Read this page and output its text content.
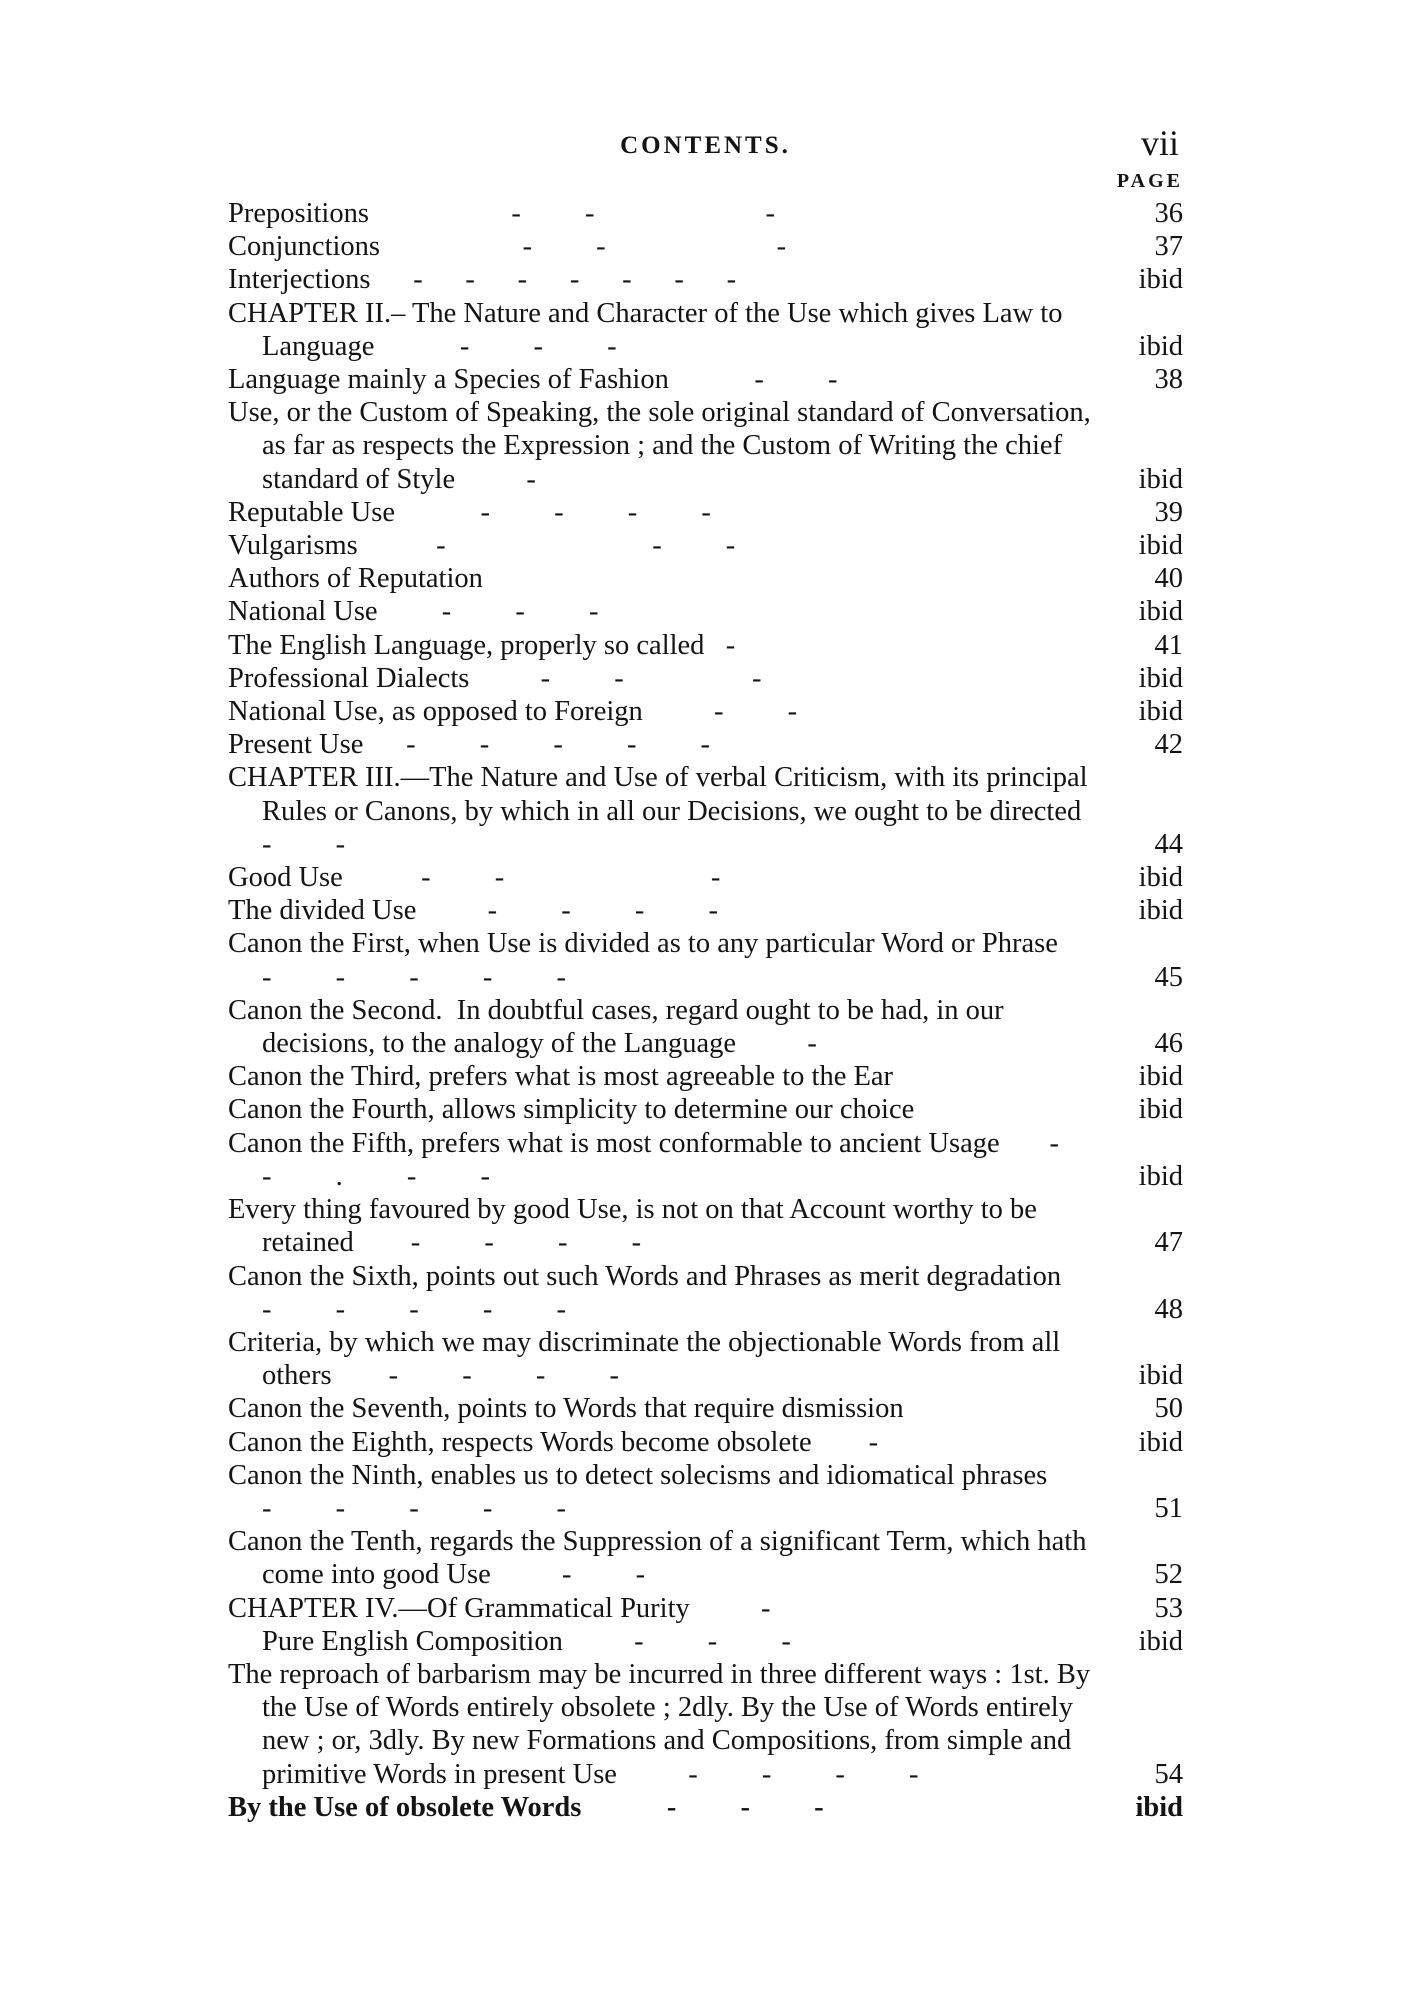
CONTENTS.	vii
PAGE
Prepositions                    -         -                        -	36
Conjunctions                    -         -                        -	37
Interjections      -      -      -      -      -      -      -	ibid
CHAPTER II.– The Nature and Character of the Use which gives Law to Language            -         -         -	ibid
Language mainly a Species of Fashion            -         -	38
Use, or the Custom of Speaking, the sole original standard of Conversation, as far as respects the Expression ; and the Custom of Writing the chief standard of Style          -	ibid
Reputable Use            -         -         -         -	39
Vulgarisms           -                             -         -	ibid
Authors of Reputation	40
National Use         -         -         -	ibid
The English Language, properly so called   -	41
Professional Dialects          -         -                  -	ibid
National Use, as opposed to Foreign          -         -	ibid
Present Use      -         -         -         -         -	42
CHAPTER III.—The Nature and Use of verbal Criticism, with its principal Rules or Canons, by which in all our Decisions, we ought to be directed             -         -	44
Good Use           -         -                             -	ibid
The divided Use          -         -         -         -	ibid
Canon the First, when Use is divided as to any particular Word or Phrase        -         -         -         -         -	45
Canon the Second.  In doubtful cases, regard ought to be had, in our decisions, to the analogy of the Language          -	46
Canon the Third, prefers what is most agreeable to the Ear	ibid
Canon the Fourth, allows simplicity to determine our choice	ibid
Canon the Fifth, prefers what is most conformable to ancient Usage       -         -         .         -         -	ibid
Every thing favoured by good Use, is not on that Account worthy to be retained        -         -         -         -	47
Canon the Sixth, points out such Words and Phrases as merit degradation        -         -         -         -         -	48
Criteria, by which we may discriminate the objectionable Words from all others        -         -         -         -	ibid
Canon the Seventh, points to Words that require dismission	50
Canon the Eighth, respects Words become obsolete        -	ibid
Canon the Ninth, enables us to detect solecisms and idiomatical phrases        -         -         -         -         -	51
Canon the Tenth, regards the Suppression of a significant Term, which hath come into good Use          -         -	52
CHAPTER IV.—Of Grammatical Purity          -	53
Pure English Composition          -         -         -	ibid
The reproach of barbarism may be incurred in three different ways : 1st. By the Use of Words entirely obsolete ; 2dly. By the Use of Words entirely new ; or, 3dly. By new Formations and Compositions, from simple and primitive Words in present Use          -         -         -         -	54
By the Use of obsolete Words            -         -         -	ibid
